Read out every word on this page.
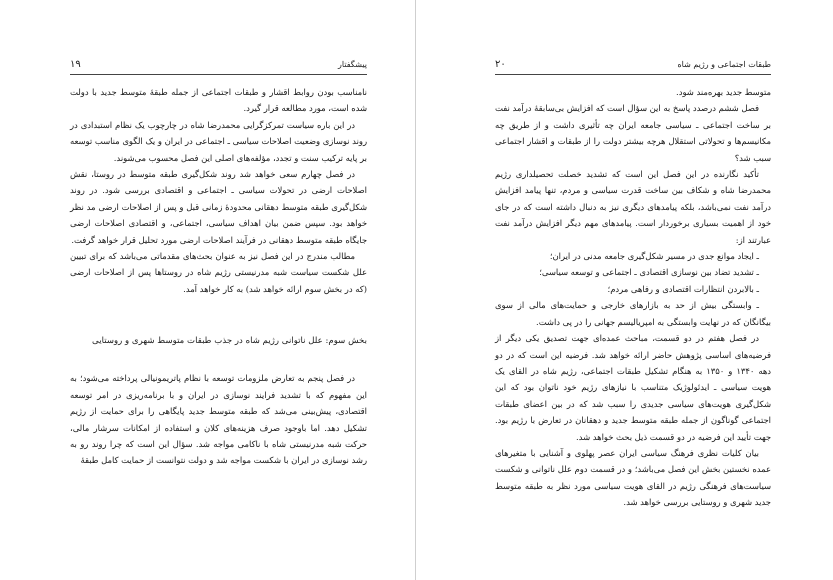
پیشگفتار
۱۹

نامناسب بودن روابط اقشار و طبقات اجتماعی از جمله طبقهٔ متوسط جدید با دولت شده است، مورد مطالعه قرار گیرد.

در این باره سیاست تمرکزگرایی محمدرضا شاه در چارچوب یک نظام استبدادی در روند نوسازی وضعیت اصلاحات سیاسی ـ اجتماعی در ایران و یک الگوی مناسب توسعه بر پایه ترکیب سنت و تجدد، مؤلفه‌های اصلی این فصل محسوب می‌شوند.

در فصل چهارم سعی خواهد شد روند شکل‌گیری طبقه متوسط در روستا، نقش اصلاحات ارضی در تحولات سیاسی ـ اجتماعی و اقتصادی بررسی شود. در روند شکل‌گیری طبقه متوسط دهقانی محدودهٔ زمانی قبل و پس از اصلاحات ارضی مد نظر خواهد بود. سپس ضمن بیان اهداف سیاسی، اجتماعی، و اقتصادی اصلاحات ارضی جایگاه طبقه متوسط دهقانی در فرآیند اصلاحات ارضی مورد تحلیل قرار خواهد گرفت.

مطالب مندرج در این فصل نیز به عنوان بحث‌های مقدماتی می‌باشد که برای تبیین علل شکست سیاست شبه مدرنیستی رژیم شاه در روستاها پس از اصلاحات ارضی (که در بخش سوم ارائه خواهد شد) به کار خواهد آمد.

بخش سوم: علل ناتوانی رژیم شاه در جذب طبقات متوسط شهری و روستایی

در فصل پنجم به تعارض ملزومات توسعه با نظام پاتریمونیالی پرداخته می‌شود؛ به این مفهوم که با تشدید فرایند نوسازی در ایران و با برنامه‌ریزی در امر توسعه اقتصادی، پیش‌بینی می‌شد که طبقه متوسط جدید پایگاهی را برای حمایت از رژیم تشکیل دهد. اما باوجود صرف هزینه‌های کلان و استفاده از امکانات سرشار مالی، حرکت شبه مدرنیستی شاه با ناکامی مواجه شد. سؤال این است که چرا روند رو به رشد نوسازی در ایران با شکست مواجه شد و دولت نتوانست از حمایت کامل طبقهٔ

طبقات اجتماعی و رژیم شاه
۲۰

متوسط جدید بهره‌مند شود.

فصل ششم درصدد پاسخ به این سؤال است که افزایش بی‌سابقهٔ درآمد نفت بر ساخت اجتماعی ـ سیاسی جامعه ایران چه تأثیری داشت و از طریق چه مکانیسم‌ها و تحولاتی استقلال هرچه بیشتر دولت را از طبقات و اقشار اجتماعی سبب شد؟

تأکید نگارنده در این فصل این است که تشدید خصلت تحصیلداری رژیم محمدرضا شاه و شکاف بین ساخت قدرت سیاسی و مردم، تنها پیامد افزایش درآمد نفت نمی‌باشد، بلکه پیامدهای دیگری نیز به دنبال داشته است که در جای خود از اهمیت بسیاری برخوردار است. پیامدهای مهم دیگر افزایش درآمد نفت عبارتند از:

ـ ایجاد موانع جدی در مسیر شکل‌گیری جامعه مدنی در ایران؛

ـ تشدید تضاد بین نوسازی اقتصادی ـ اجتماعی و توسعه سیاسی؛

ـ بالابردن انتظارات اقتصادی و رفاهی مردم؛

ـ وابستگی بیش از حد به بازارهای خارجی و حمایت‌های مالی از سوی بیگانگان که در نهایت وابستگی به امپریالیسم جهانی را در پی داشت.

در فصل هفتم در دو قسمت، مباحث عمده‌ای جهت تصدیق یکی دیگر از فرضیه‌های اساسی پژوهش حاضر ارائه خواهد شد. فرضیه این است که در دو دهه ۱۳۴۰ و ۱۳۵۰ به هنگام تشکیل طبقات اجتماعی، رژیم شاه در القای یک هویت سیاسی ـ ایدئولوژیک متناسب با نیازهای رژیم خود ناتوان بود که این شکل‌گیری هویت‌های سیاسی جدیدی را سبب شد که در بین اعضای طبقات اجتماعی گوناگون از جمله طبقه متوسط جدید و دهقانان در تعارض با رژیم بود. جهت تأیید این فرضیه در دو قسمت ذیل بحث خواهد شد.

بیان کلیات نظری فرهنگ سیاسی ایران عصر پهلوی و آشنایی با متغیرهای عمده نخستین بخش این فصل می‌باشد؛ و در قسمت دوم علل ناتوانی و شکست سیاست‌های فرهنگی رژیم در القای هویت سیاسی مورد نظر به طبقه متوسط جدید شهری و روستایی بررسی خواهد شد.
